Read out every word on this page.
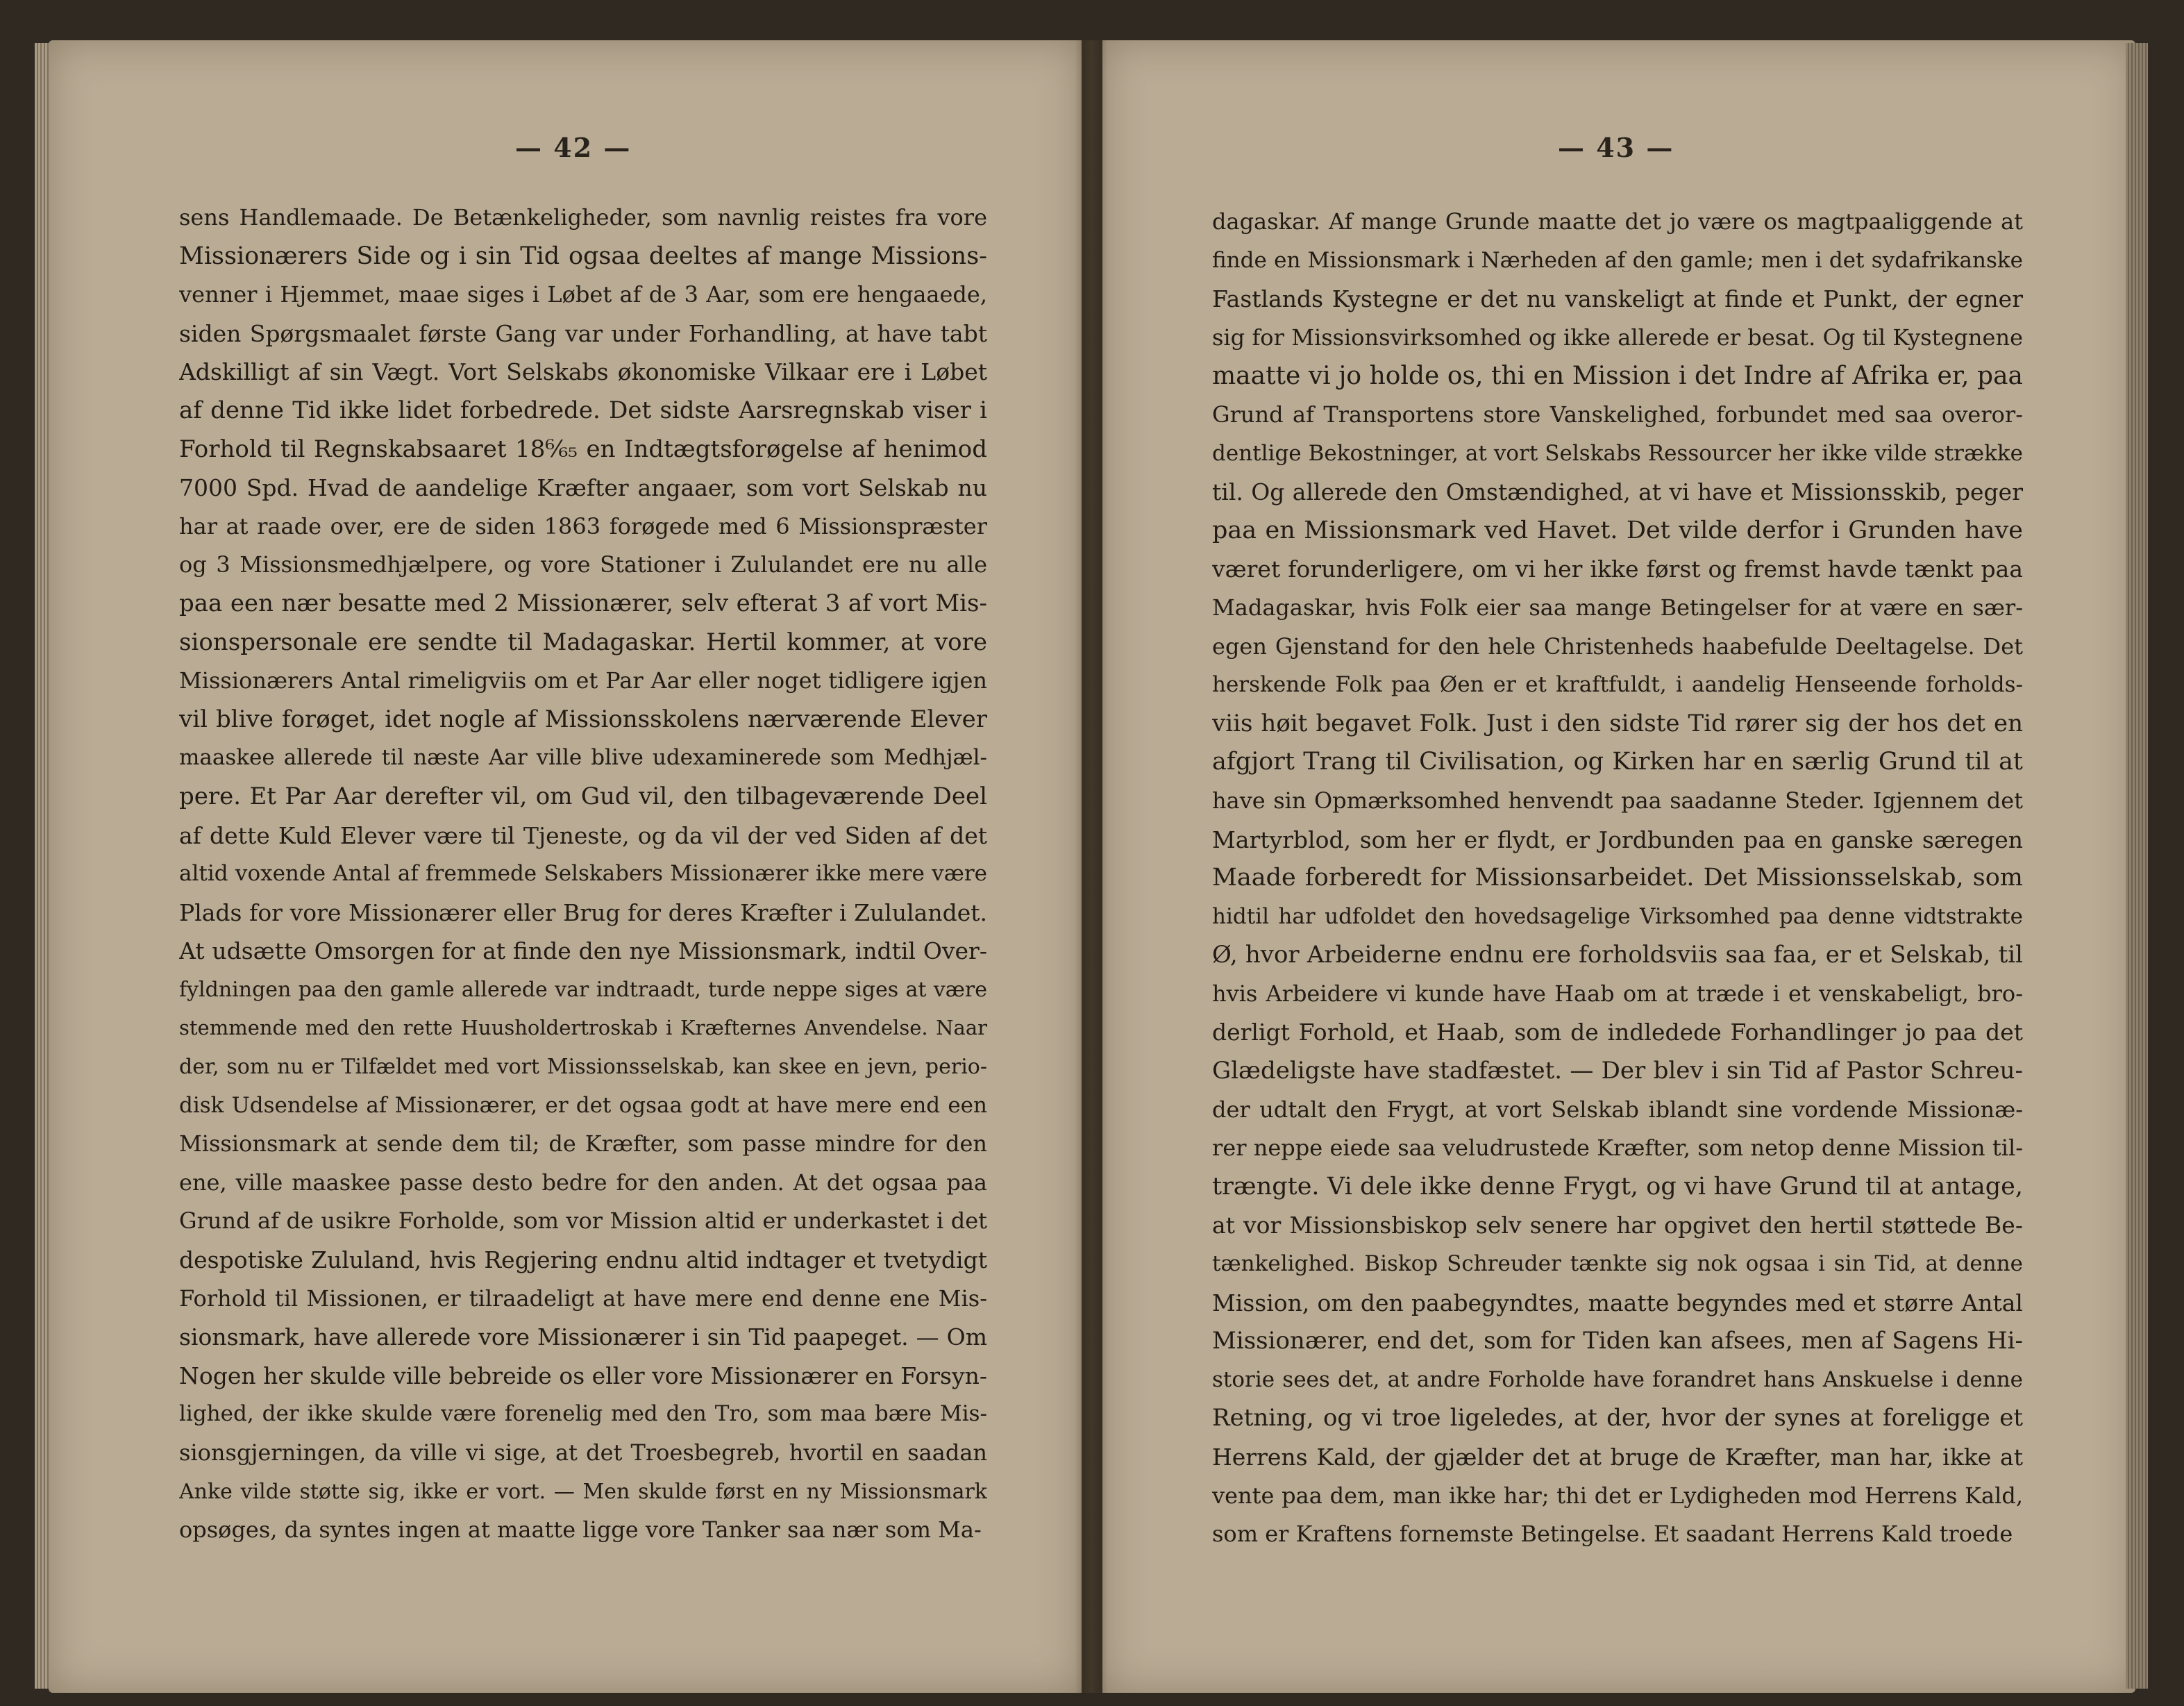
— 42 —	— 43 —
sens Handlemaade. De Betænkeligheder, som navnlig reistes fra vore
Missionærers Side og i sin Tid ogsaa deeltes af mange Missions-
venner i Hjemmet, maae siges i Løbet af de 3 Aar, som ere hengaaede,
siden Spørgsmaalet første Gang var under Forhandling, at have tabt
Adskilligt af sin Vægt. Vort Selskabs økonomiske Vilkaar ere i Løbet
af denne Tid ikke lidet forbedrede. Det sidste Aarsregnskab viser i
Forhold til Regnskabsaaret 18⁶⁄₆₅ en Indtægtsforøgelse af henimod
7000 Spd. Hvad de aandelige Kræfter angaaer, som vort Selskab nu
har at raade over, ere de siden 1863 forøgede med 6 Missionspræster
og 3 Missionsmedhjælpere, og vore Stationer i Zululandet ere nu alle
paa een nær besatte med 2 Missionærer, selv efterat 3 af vort Mis-
sionspersonale ere sendte til Madagaskar. Hertil kommer, at vore
Missionærers Antal rimeligviis om et Par Aar eller noget tidligere igjen
vil blive forøget, idet nogle af Missionsskolens nærværende Elever
maaskee allerede til næste Aar ville blive udexaminerede som Medhjæl-
pere. Et Par Aar derefter vil, om Gud vil, den tilbageværende Deel
af dette Kuld Elever være til Tjeneste, og da vil der ved Siden af det
altid voxende Antal af fremmede Selskabers Missionærer ikke mere være
Plads for vore Missionærer eller Brug for deres Kræfter i Zululandet.
At udsætte Omsorgen for at finde den nye Missionsmark, indtil Over-
fyldningen paa den gamle allerede var indtraadt, turde neppe siges at være
stemmende med den rette Huusholdertroskab i Kræfternes Anvendelse. Naar
der, som nu er Tilfældet med vort Missionsselskab, kan skee en jevn, perio-
disk Udsendelse af Missionærer, er det ogsaa godt at have mere end een
Missionsmark at sende dem til; de Kræfter, som passe mindre for den
ene, ville maaskee passe desto bedre for den anden. At det ogsaa paa
Grund af de usikre Forholde, som vor Mission altid er underkastet i det
despotiske Zululand, hvis Regjering endnu altid indtager et tvetydigt
Forhold til Missionen, er tilraadeligt at have mere end denne ene Mis-
sionsmark, have allerede vore Missionærer i sin Tid paapeget. — Om
Nogen her skulde ville bebreide os eller vore Missionærer en Forsyn-
lighed, der ikke skulde være forenelig med den Tro, som maa bære Mis-
sionsgjerningen, da ville vi sige, at det Troesbegreb, hvortil en saadan
Anke vilde støtte sig, ikke er vort. — Men skulde først en ny Missionsmark
opsøges, da syntes ingen at maatte ligge vore Tanker saa nær som Ma-
dagaskar. Af mange Grunde maatte det jo være os magtpaaliggende at
finde en Missionsmark i Nærheden af den gamle; men i det sydafrikanske
Fastlands Kystegne er det nu vanskeligt at finde et Punkt, der egner
sig for Missionsvirksomhed og ikke allerede er besat. Og til Kystegnene
maatte vi jo holde os, thi en Mission i det Indre af Afrika er, paa
Grund af Transportens store Vanskelighed, forbundet med saa overor-
dentlige Bekostninger, at vort Selskabs Ressourcer her ikke vilde strække
til. Og allerede den Omstændighed, at vi have et Missionsskib, peger
paa en Missionsmark ved Havet. Det vilde derfor i Grunden have
været forunderligere, om vi her ikke først og fremst havde tænkt paa
Madagaskar, hvis Folk eier saa mange Betingelser for at være en sær-
egen Gjenstand for den hele Christenheds haabefulde Deeltagelse. Det
herskende Folk paa Øen er et kraftfuldt, i aandelig Henseende forholds-
viis høit begavet Folk. Just i den sidste Tid rører sig der hos det en
afgjort Trang til Civilisation, og Kirken har en særlig Grund til at
have sin Opmærksomhed henvendt paa saadanne Steder. Igjennem det
Martyrblod, som her er flydt, er Jordbunden paa en ganske særegen
Maade forberedt for Missionsarbeidet. Det Missionsselskab, som
hidtil har udfoldet den hovedsagelige Virksomhed paa denne vidtstrakte
Ø, hvor Arbeiderne endnu ere forholdsviis saa faa, er et Selskab, til
hvis Arbeidere vi kunde have Haab om at træde i et venskabeligt, bro-
derligt Forhold, et Haab, som de indledede Forhandlinger jo paa det
Glædeligste have stadfæstet. — Der blev i sin Tid af Pastor Schreu-
der udtalt den Frygt, at vort Selskab iblandt sine vordende Missionæ-
rer neppe eiede saa veludrustede Kræfter, som netop denne Mission til-
trængte. Vi dele ikke denne Frygt, og vi have Grund til at antage,
at vor Missionsbiskop selv senere har opgivet den hertil støttede Be-
tænkelighed. Biskop Schreuder tænkte sig nok ogsaa i sin Tid, at denne
Mission, om den paabegyndtes, maatte begyndes med et større Antal
Missionærer, end det, som for Tiden kan afsees, men af Sagens Hi-
storie sees det, at andre Forholde have forandret hans Anskuelse i denne
Retning, og vi troe ligeledes, at der, hvor der synes at foreligge et
Herrens Kald, der gjælder det at bruge de Kræfter, man har, ikke at
vente paa dem, man ikke har; thi det er Lydigheden mod Herrens Kald,
som er Kraftens fornemste Betingelse. Et saadant Herrens Kald troede
